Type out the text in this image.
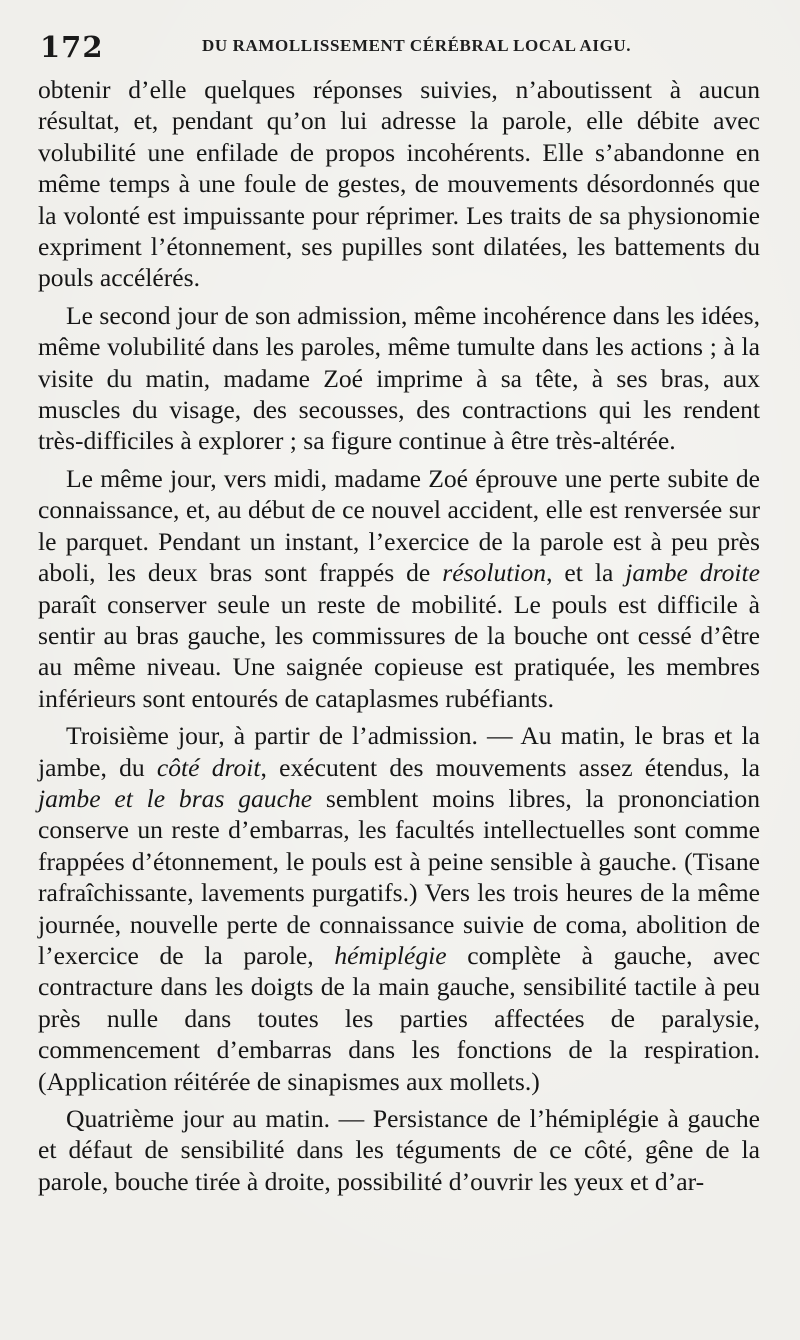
172	DU RAMOLLISSEMENT CÉRÉBRAL LOCAL AIGU.

obtenir d’elle quelques réponses suivies, n’aboutissent à aucun résultat, et, pendant qu’on lui adresse la parole, elle débite avec volubilité une enfilade de propos incohérents. Elle s’abandonne en même temps à une foule de gestes, de mouvements désordonnés que la volonté est impuissante pour réprimer. Les traits de sa physionomie expriment l’étonnement, ses pupilles sont dilatées, les battements du pouls accélérés.

Le second jour de son admission, même incohérence dans les idées, même volubilité dans les paroles, même tumulte dans les actions ; à la visite du matin, madame Zoé imprime à sa tête, à ses bras, aux muscles du visage, des secousses, des contractions qui les rendent très-difficiles à explorer ; sa figure continue à être très-altérée.

Le même jour, vers midi, madame Zoé éprouve une perte subite de connaissance, et, au début de ce nouvel accident, elle est renversée sur le parquet. Pendant un instant, l’exercice de la parole est à peu près aboli, les deux bras sont frappés de résolution, et la jambe droite paraît conserver seule un reste de mobilité. Le pouls est difficile à sentir au bras gauche, les commissures de la bouche ont cessé d’être au même niveau. Une saignée copieuse est pratiquée, les membres inférieurs sont entourés de cataplasmes rubéfiants.

Troisième jour, à partir de l’admission. — Au matin, le bras et la jambe, du côté droit, exécutent des mouvements assez étendus, la jambe et le bras gauche semblent moins libres, la prononciation conserve un reste d’embarras, les facultés intellectuelles sont comme frappées d’étonnement, le pouls est à peine sensible à gauche. (Tisane rafraîchissante, lavements purgatifs.) Vers les trois heures de la même journée, nouvelle perte de connaissance suivie de coma, abolition de l’exercice de la parole, hémiplégie complète à gauche, avec contracture dans les doigts de la main gauche, sensibilité tactile à peu près nulle dans toutes les parties affectées de paralysie, commencement d’embarras dans les fonctions de la respiration. (Application réitérée de sinapismes aux mollets.)

Quatrième jour au matin. — Persistance de l’hémiplégie à gauche et défaut de sensibilité dans les téguments de ce côté, gêne de la parole, bouche tirée à droite, possibilité d’ouvrir les yeux et d’ar-
